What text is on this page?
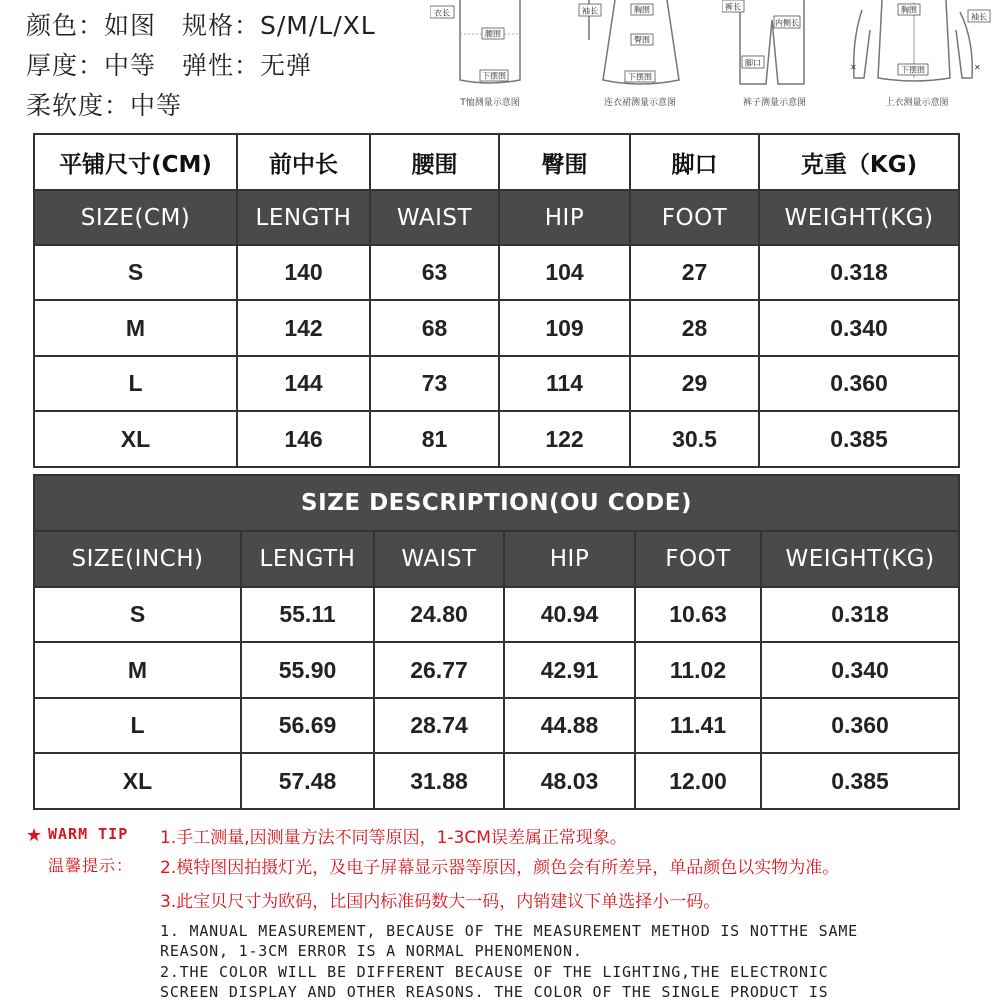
颜色：如图 规格：S/M/L/XL
厚度：中等 弹性：无弹
柔软度：中等
衣长
腰围
下摆围
T恤测量示意图
袖长	胸围
臀围
下摆围
连衣裙测量示意图
裤长
内侧长
脚口
裤子测量示意图
胸围
下摆围
袖长
✕	✕
上衣测量示意图
平铺尺寸(CM)	前中长	腰围	臀围	脚口	克重（KG)
SIZE(CM)	LENGTH	WAIST	HIP	FOOT	WEIGHT(KG)
S	140	63	104	27	0.318
M	142	68	109	28	0.340
L	144	73	114	29	0.360
XL	146	81	122	30.5	0.385
SIZE DESCRIPTION(OU CODE)					
SIZE(INCH)	LENGTH	WAIST	HIP	FOOT	WEIGHT(KG)
S	55.11	24.80	40.94	10.63	0.318
M	55.90	26.77	42.91	11.02	0.340
L	56.69	28.74	44.88	11.41	0.360
XL	57.48	31.88	48.03	12.00	0.385
★ WARM TIP
温馨提示：
1.手工测量,因测量方法不同等原因，1-3CM误差属正常现象。
2.模特图因拍摄灯光，及电子屏幕显示器等原因，颜色会有所差异，单品颜色以实物为准。
3.此宝贝尺寸为欧码，比国内标准码数大一码，内销建议下单选择小一码。
1. MANUAL MEASUREMENT, BECAUSE OF THE MEASUREMENT METHOD IS NOTTHE SAME
REASON, 1-3CM ERROR IS A NORMAL PHENOMENON.
2.THE COLOR WILL BE DIFFERENT BECAUSE OF THE LIGHTING,THE ELECTRONIC
SCREEN DISPLAY AND OTHER REASONS. THE COLOR OF THE SINGLE PRODUCT IS
